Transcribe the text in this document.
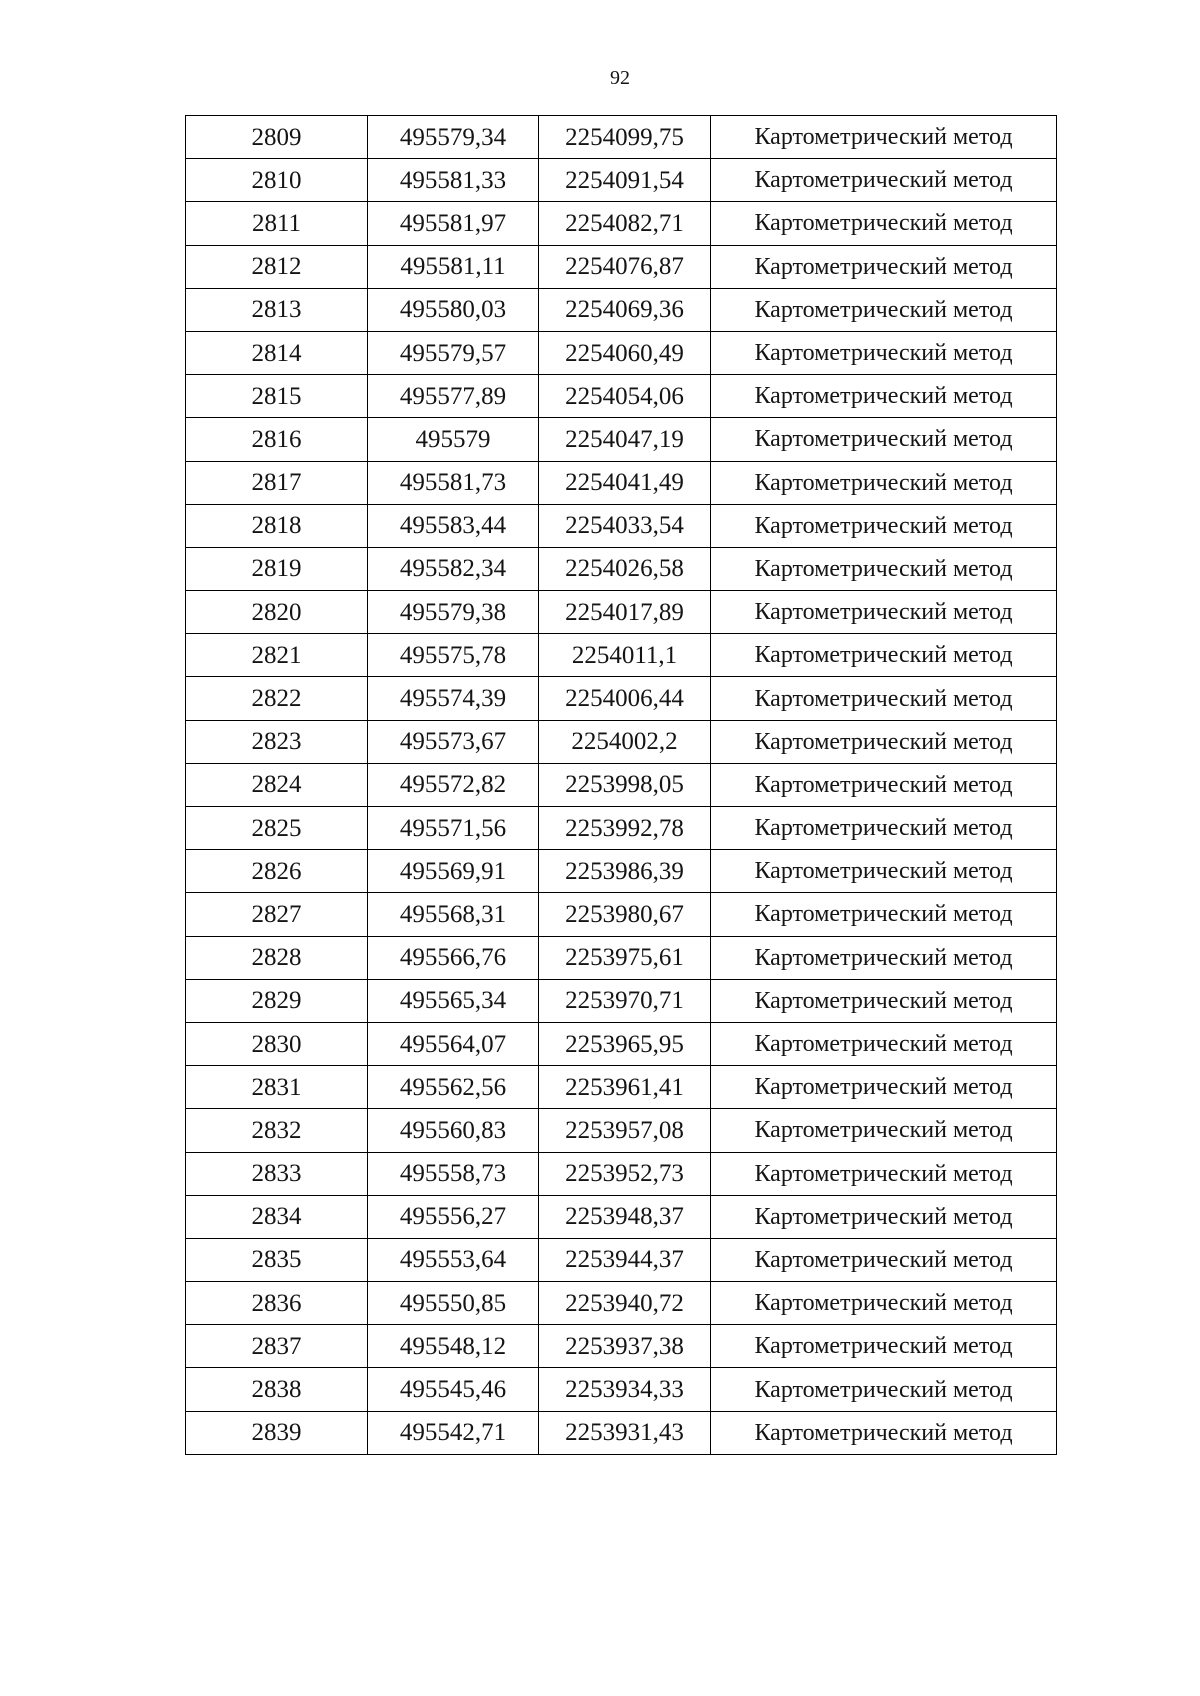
92
2809	495579,34	2254099,75	Картометрический метод
2810	495581,33	2254091,54	Картометрический метод
2811	495581,97	2254082,71	Картометрический метод
2812	495581,11	2254076,87	Картометрический метод
2813	495580,03	2254069,36	Картометрический метод
2814	495579,57	2254060,49	Картометрический метод
2815	495577,89	2254054,06	Картометрический метод
2816	495579	2254047,19	Картометрический метод
2817	495581,73	2254041,49	Картометрический метод
2818	495583,44	2254033,54	Картометрический метод
2819	495582,34	2254026,58	Картометрический метод
2820	495579,38	2254017,89	Картометрический метод
2821	495575,78	2254011,1	Картометрический метод
2822	495574,39	2254006,44	Картометрический метод
2823	495573,67	2254002,2	Картометрический метод
2824	495572,82	2253998,05	Картометрический метод
2825	495571,56	2253992,78	Картометрический метод
2826	495569,91	2253986,39	Картометрический метод
2827	495568,31	2253980,67	Картометрический метод
2828	495566,76	2253975,61	Картометрический метод
2829	495565,34	2253970,71	Картометрический метод
2830	495564,07	2253965,95	Картометрический метод
2831	495562,56	2253961,41	Картометрический метод
2832	495560,83	2253957,08	Картометрический метод
2833	495558,73	2253952,73	Картометрический метод
2834	495556,27	2253948,37	Картометрический метод
2835	495553,64	2253944,37	Картометрический метод
2836	495550,85	2253940,72	Картометрический метод
2837	495548,12	2253937,38	Картометрический метод
2838	495545,46	2253934,33	Картометрический метод
2839	495542,71	2253931,43	Картометрический метод
